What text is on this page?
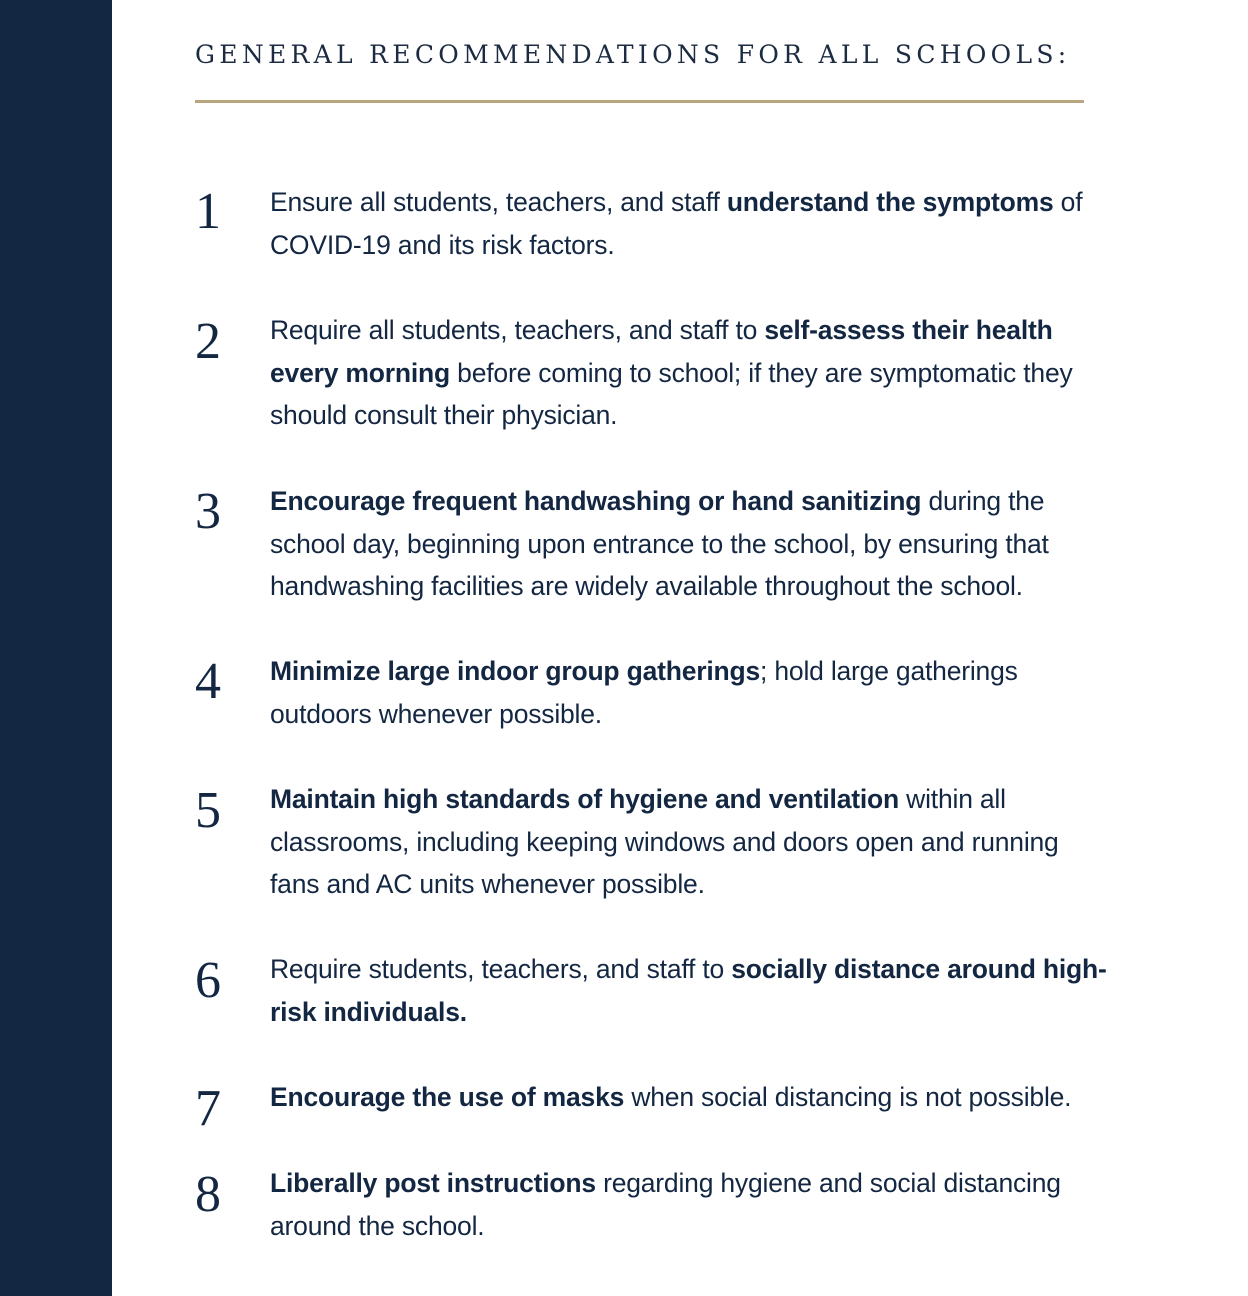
GENERAL RECOMMENDATIONS FOR ALL SCHOOLS:
1	Ensure all students, teachers, and staff understand the symptoms of COVID-19 and its risk factors.

2	Require all students, teachers, and staff to self-assess their health every morning before coming to school; if they are symptomatic they should consult their physician.

3	Encourage frequent handwashing or hand sanitizing during the school day, beginning upon entrance to the school, by ensuring that handwashing facilities are widely available throughout the school.

4	Minimize large indoor group gatherings; hold large gatherings outdoors whenever possible.

5	Maintain high standards of hygiene and ventilation within all classrooms, including keeping windows and doors open and running fans and AC units whenever possible.

6	Require students, teachers, and staff to socially distance around high-risk individuals.

7	Encourage the use of masks when social distancing is not possible.

8	Liberally post instructions regarding hygiene and social distancing around the school.
